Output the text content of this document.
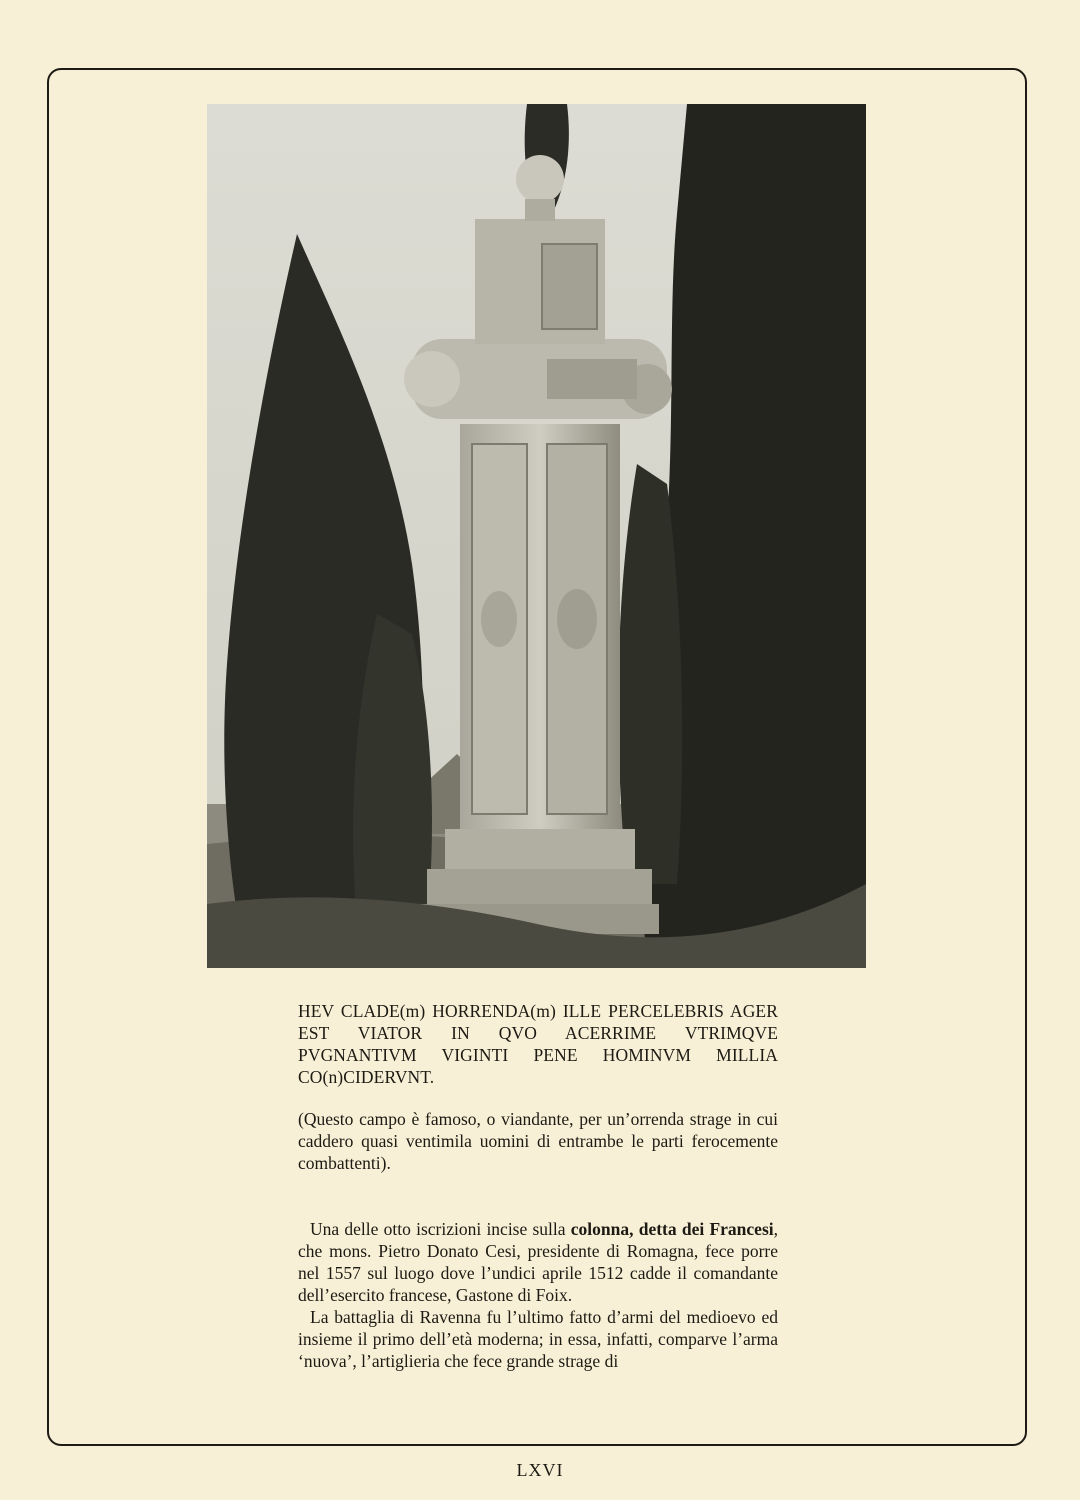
HEV CLADE(m) HORRENDA(m) ILLE PERCELEBRIS AGER EST VIATOR IN QVO ACERRIME VTRIMQVE PVGNANTIVM VIGINTI PENE HOMINVM MILLIA CO(n)CIDERVNT.

(Questo campo è famoso, o viandante, per un’orrenda strage in cui caddero quasi ventimila uomini di entrambe le parti ferocemente combattenti).

Una delle otto iscrizioni incise sulla colonna, detta dei Francesi, che mons. Pietro Donato Cesi, presidente di Romagna, fece porre nel 1557 sul luogo dove l’undici aprile 1512 cadde il comandante dell’esercito francese, Gastone di Foix.

La battaglia di Ravenna fu l’ultimo fatto d’armi del medioevo ed insieme il primo dell’età moderna; in essa, infatti, comparve l’arma ‘nuova’, l’artiglieria che fece grande strage di

LXVI
